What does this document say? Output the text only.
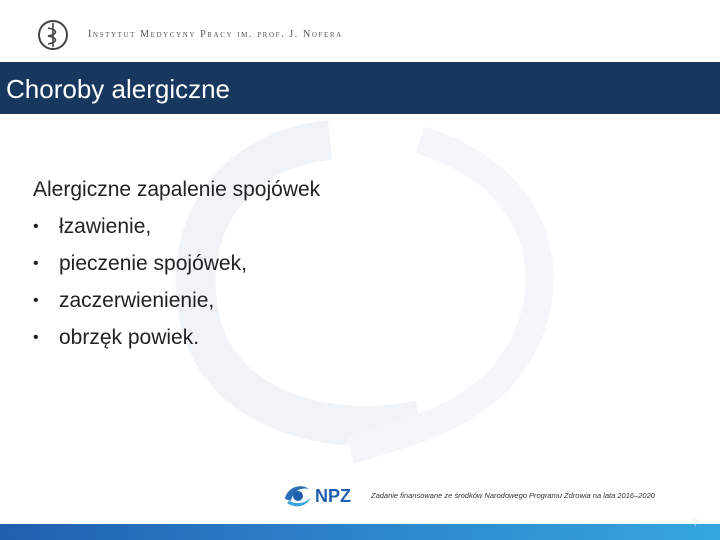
Instytut Medycyny Pracy im. prof. J. Nofera
Choroby alergiczne
Alergiczne zapalenie spojówek
• łzawienie,
• pieczenie spojówek,
• zaczerwienienie,
• obrzęk powiek.
NPZ	Zadanie finansowane ze środków Narodowego Programu Zdrowia na lata 2016–2020
7
